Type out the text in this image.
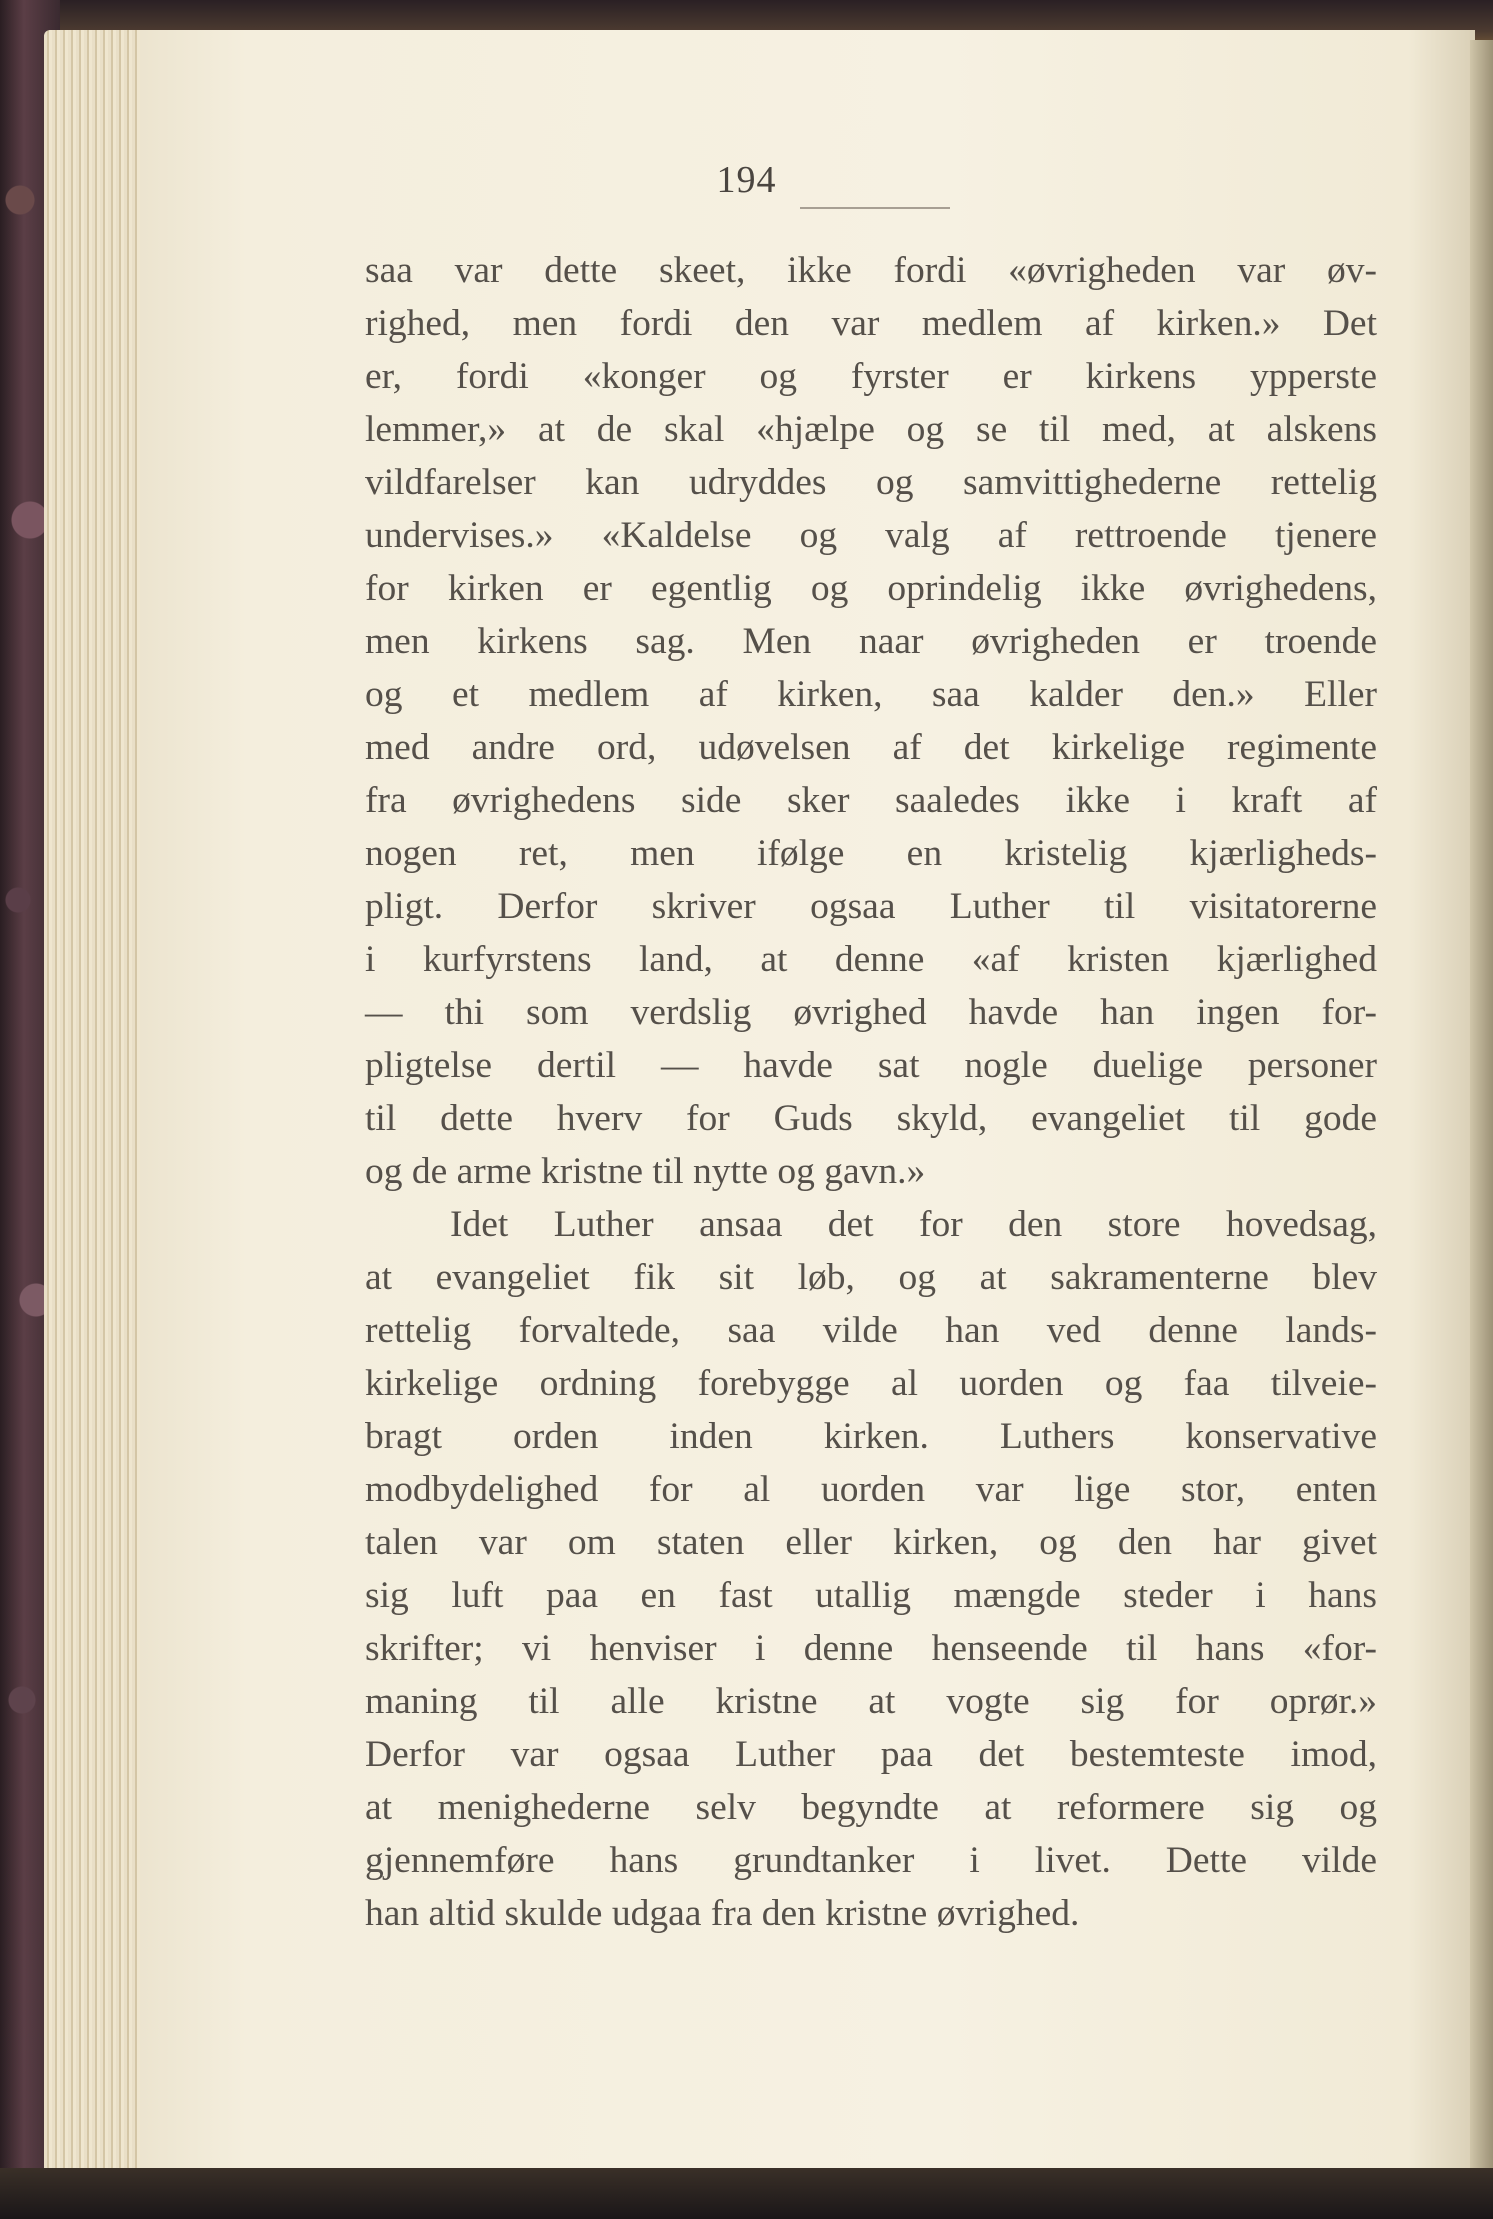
194
saa var dette skeet, ikke fordi «øvrigheden var øv-
righed, men fordi den var medlem af kirken.» Det
er, fordi «konger og fyrster er kirkens ypperste
lemmer,» at de skal «hjælpe og se til med, at alskens
vildfarelser kan udryddes og samvittighederne rettelig
undervises.» «Kaldelse og valg af rettroende tjenere
for kirken er egentlig og oprindelig ikke øvrighedens,
men kirkens sag. Men naar øvrigheden er troende
og et medlem af kirken, saa kalder den.» Eller
med andre ord, udøvelsen af det kirkelige regimente
fra øvrighedens side sker saaledes ikke i kraft af
nogen ret, men ifølge en kristelig kjærligheds-
pligt. Derfor skriver ogsaa Luther til visitatorerne
i kurfyrstens land, at denne «af kristen kjærlighed
— thi som verdslig øvrighed havde han ingen for-
pligtelse dertil — havde sat nogle duelige personer
til dette hverv for Guds skyld, evangeliet til gode
og de arme kristne til nytte og gavn.»
Idet Luther ansaa det for den store hovedsag,
at evangeliet fik sit løb, og at sakramenterne blev
rettelig forvaltede, saa vilde han ved denne lands-
kirkelige ordning forebygge al uorden og faa tilveie-
bragt orden inden kirken. Luthers konservative
modbydelighed for al uorden var lige stor, enten
talen var om staten eller kirken, og den har givet
sig luft paa en fast utallig mængde steder i hans
skrifter; vi henviser i denne henseende til hans «for-
maning til alle kristne at vogte sig for oprør.»
Derfor var ogsaa Luther paa det bestemteste imod,
at menighederne selv begyndte at reformere sig og
gjennemføre hans grundtanker i livet. Dette vilde
han altid skulde udgaa fra den kristne øvrighed.
